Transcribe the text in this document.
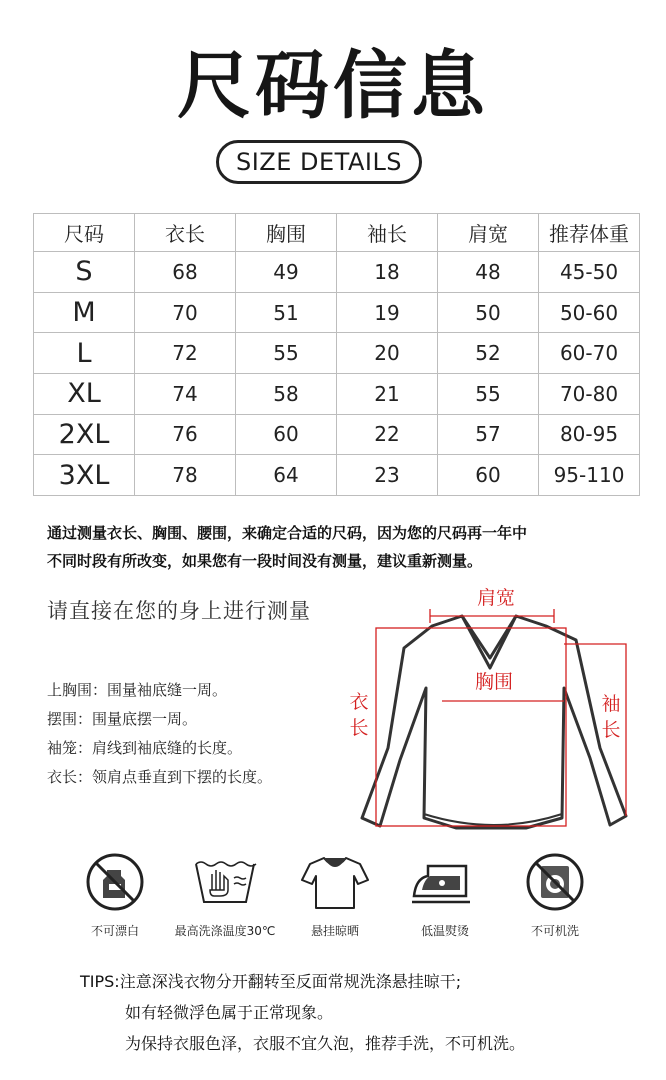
尺码信息
SIZE DETAILS
尺码	衣长	胸围	袖长	肩宽	推荐体重
S	68	49	18	48	45-50
M	70	51	19	50	50-60
L	72	55	20	52	60-70
XL	74	58	21	55	70-80
2XL	76	60	22	57	80-95
3XL	78	64	23	60	95-110
通过测量衣长、胸围、腰围，来确定合适的尺码，因为您的尺码再一年中
不同时段有所改变，如果您有一段时间没有测量，建议重新测量。
请直接在您的身上进行测量
上胸围：围量袖底缝一周。
摆围：围量底摆一周。
袖笼：肩线到袖底缝的长度。
衣长：领肩点垂直到下摆的长度。
肩宽
胸围
衣
长
袖
长
不可漂白	最高洗涤温度30℃	悬挂晾晒	低温熨烫	不可机洗
TIPS:注意深浅衣物分开翻转至反面常规洗涤悬挂晾干;
如有轻微浮色属于正常现象。
为保持衣服色泽，衣服不宜久泡，推荐手洗，不可机洗。
